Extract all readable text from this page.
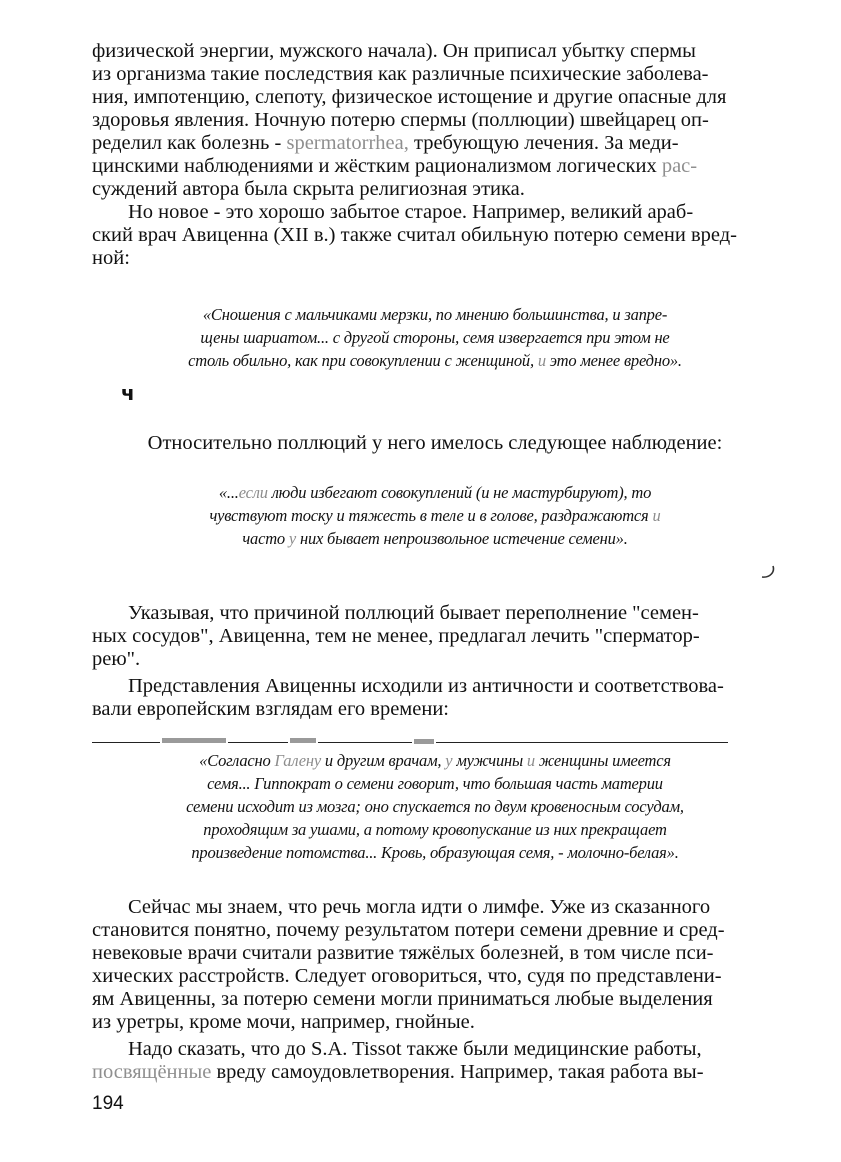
физической энергии, мужского начала). Он приписал убытку спермы

из организма такие последствия как различные психические заболева-

ния, импотенцию, слепоту, физическое истощение и другие опасные для

здоровья явления. Ночную потерю спермы (поллюции) швейцарец оп-

ределил как болезнь - spermatorrhea, требующую лечения. За меди-

цинскими наблюдениями и жёстким рационализмом логических рас-

суждений автора была скрыта религиозная этика.

Но новое - это хорошо забытое старое. Например, великий араб-

ский врач Авиценна (XII в.) также считал обильную потерю семени вред-

ной:

«Сношения с мальчиками мерзки, по мнению большинства, и запре-

щены шариатом... с другой стороны, семя извергается при этом не

столь обильно, как при совокуплении с женщиной, и это менее вредно».

Относительно поллюций у него имелось следующее наблюдение:

«...если люди избегают совокуплений (и не мастурбируют), то

чувствуют тоску и тяжесть в теле и в голове, раздражаются и

часто у них бывает непроизвольное истечение семени».

Указывая, что причиной поллюций бывает переполнение "семен-

ных сосудов", Авиценна, тем не менее, предлагал лечить "сперматор-

рею".

Представления Авиценны исходили из античности и соответствова-

вали европейским взглядам его времени:

«Согласно Галену и другим врачам, у мужчины и женщины имеется

семя... Гиппократ о семени говорит, что большая часть материи

семени исходит из мозга; оно спускается по двум кровеносным сосудам,

проходящим за ушами, а потому кровопускание из них прекращает

произведение потомства... Кровь, образующая семя, - молочно-белая».

Сейчас мы знаем, что речь могла идти о лимфе. Уже из сказанного

становится понятно, почему результатом потери семени древние и сред-

невековые врачи считали развитие тяжёлых болезней, в том числе пси-

хических расстройств. Следует оговориться, что, судя по представлени-

ям Авиценны, за потерю семени могли приниматься любые выделения

из уретры, кроме мочи, например, гнойные.

Надо сказать, что до S.A. Tissot также были медицинские работы,

посвящённые вреду самоудовлетворения. Например, такая работа вы-

ч
194
